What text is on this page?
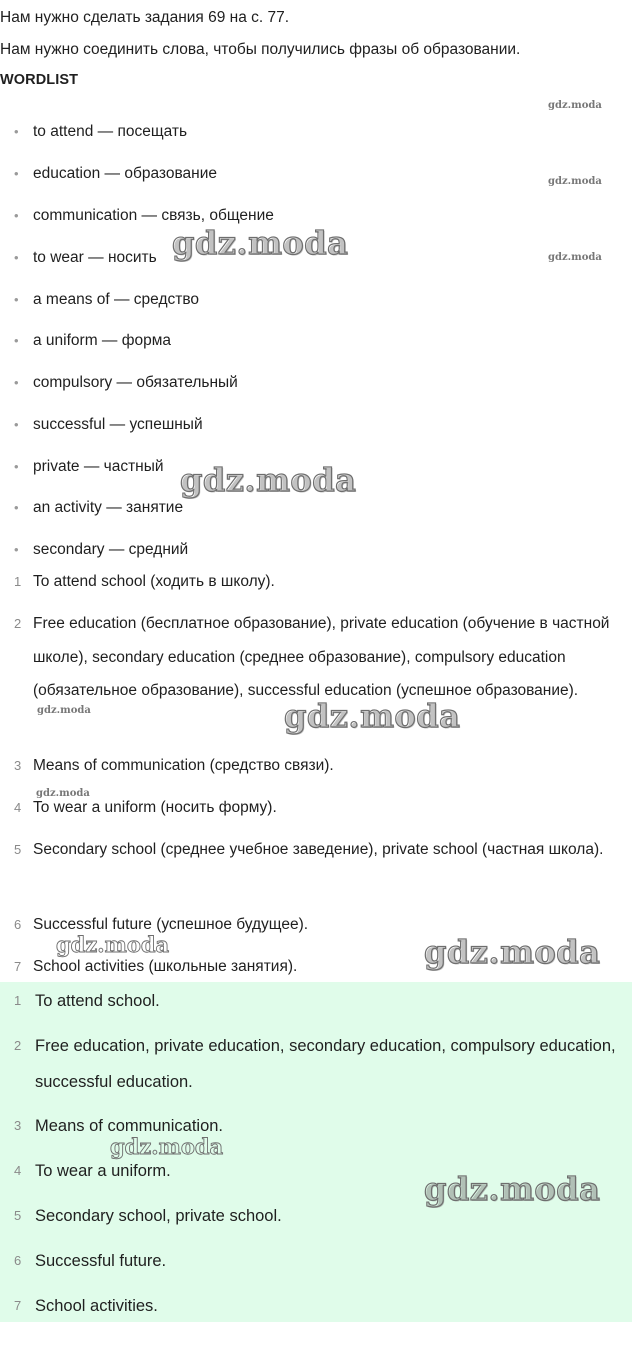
Нам нужно сделать задания 69 на с. 77.

Нам нужно соединить слова, чтобы получились фразы об образовании.

WORDLIST
• to attend — посещать
• education — образование
• communication — связь, общение
• to wear — носить
• a means of — средство
• a uniform — форма
• compulsory — обязательный
• successful — успешный
• private — частный
• an activity — занятие
• secondary — средний
1 To attend school (ходить в школу).
2 Free education (бесплатное образование), private education (обучение в частной школе), secondary education (среднее образование), compulsory education (обязательное образование), successful education (успешное образование).
3 Means of communication (средство связи).
4 To wear a uniform (носить форму).
5 Secondary school (среднее учебное заведение), private school (частная школа).
6 Successful future (успешное будущее).
7 School activities (школьные занятия).
1 To attend school.
2 Free education, private education, secondary education, compulsory education, successful education.
3 Means of communication.
4 To wear a uniform.
5 Secondary school, private school.
6 Successful future.
7 School activities.
gdz.moda
gdz.moda
gdz.moda
gdz.moda
gdz.moda
gdz.moda	gdz.moda
gdz.moda
gdz.moda	gdz.moda
gdz.moda
gdz.moda
